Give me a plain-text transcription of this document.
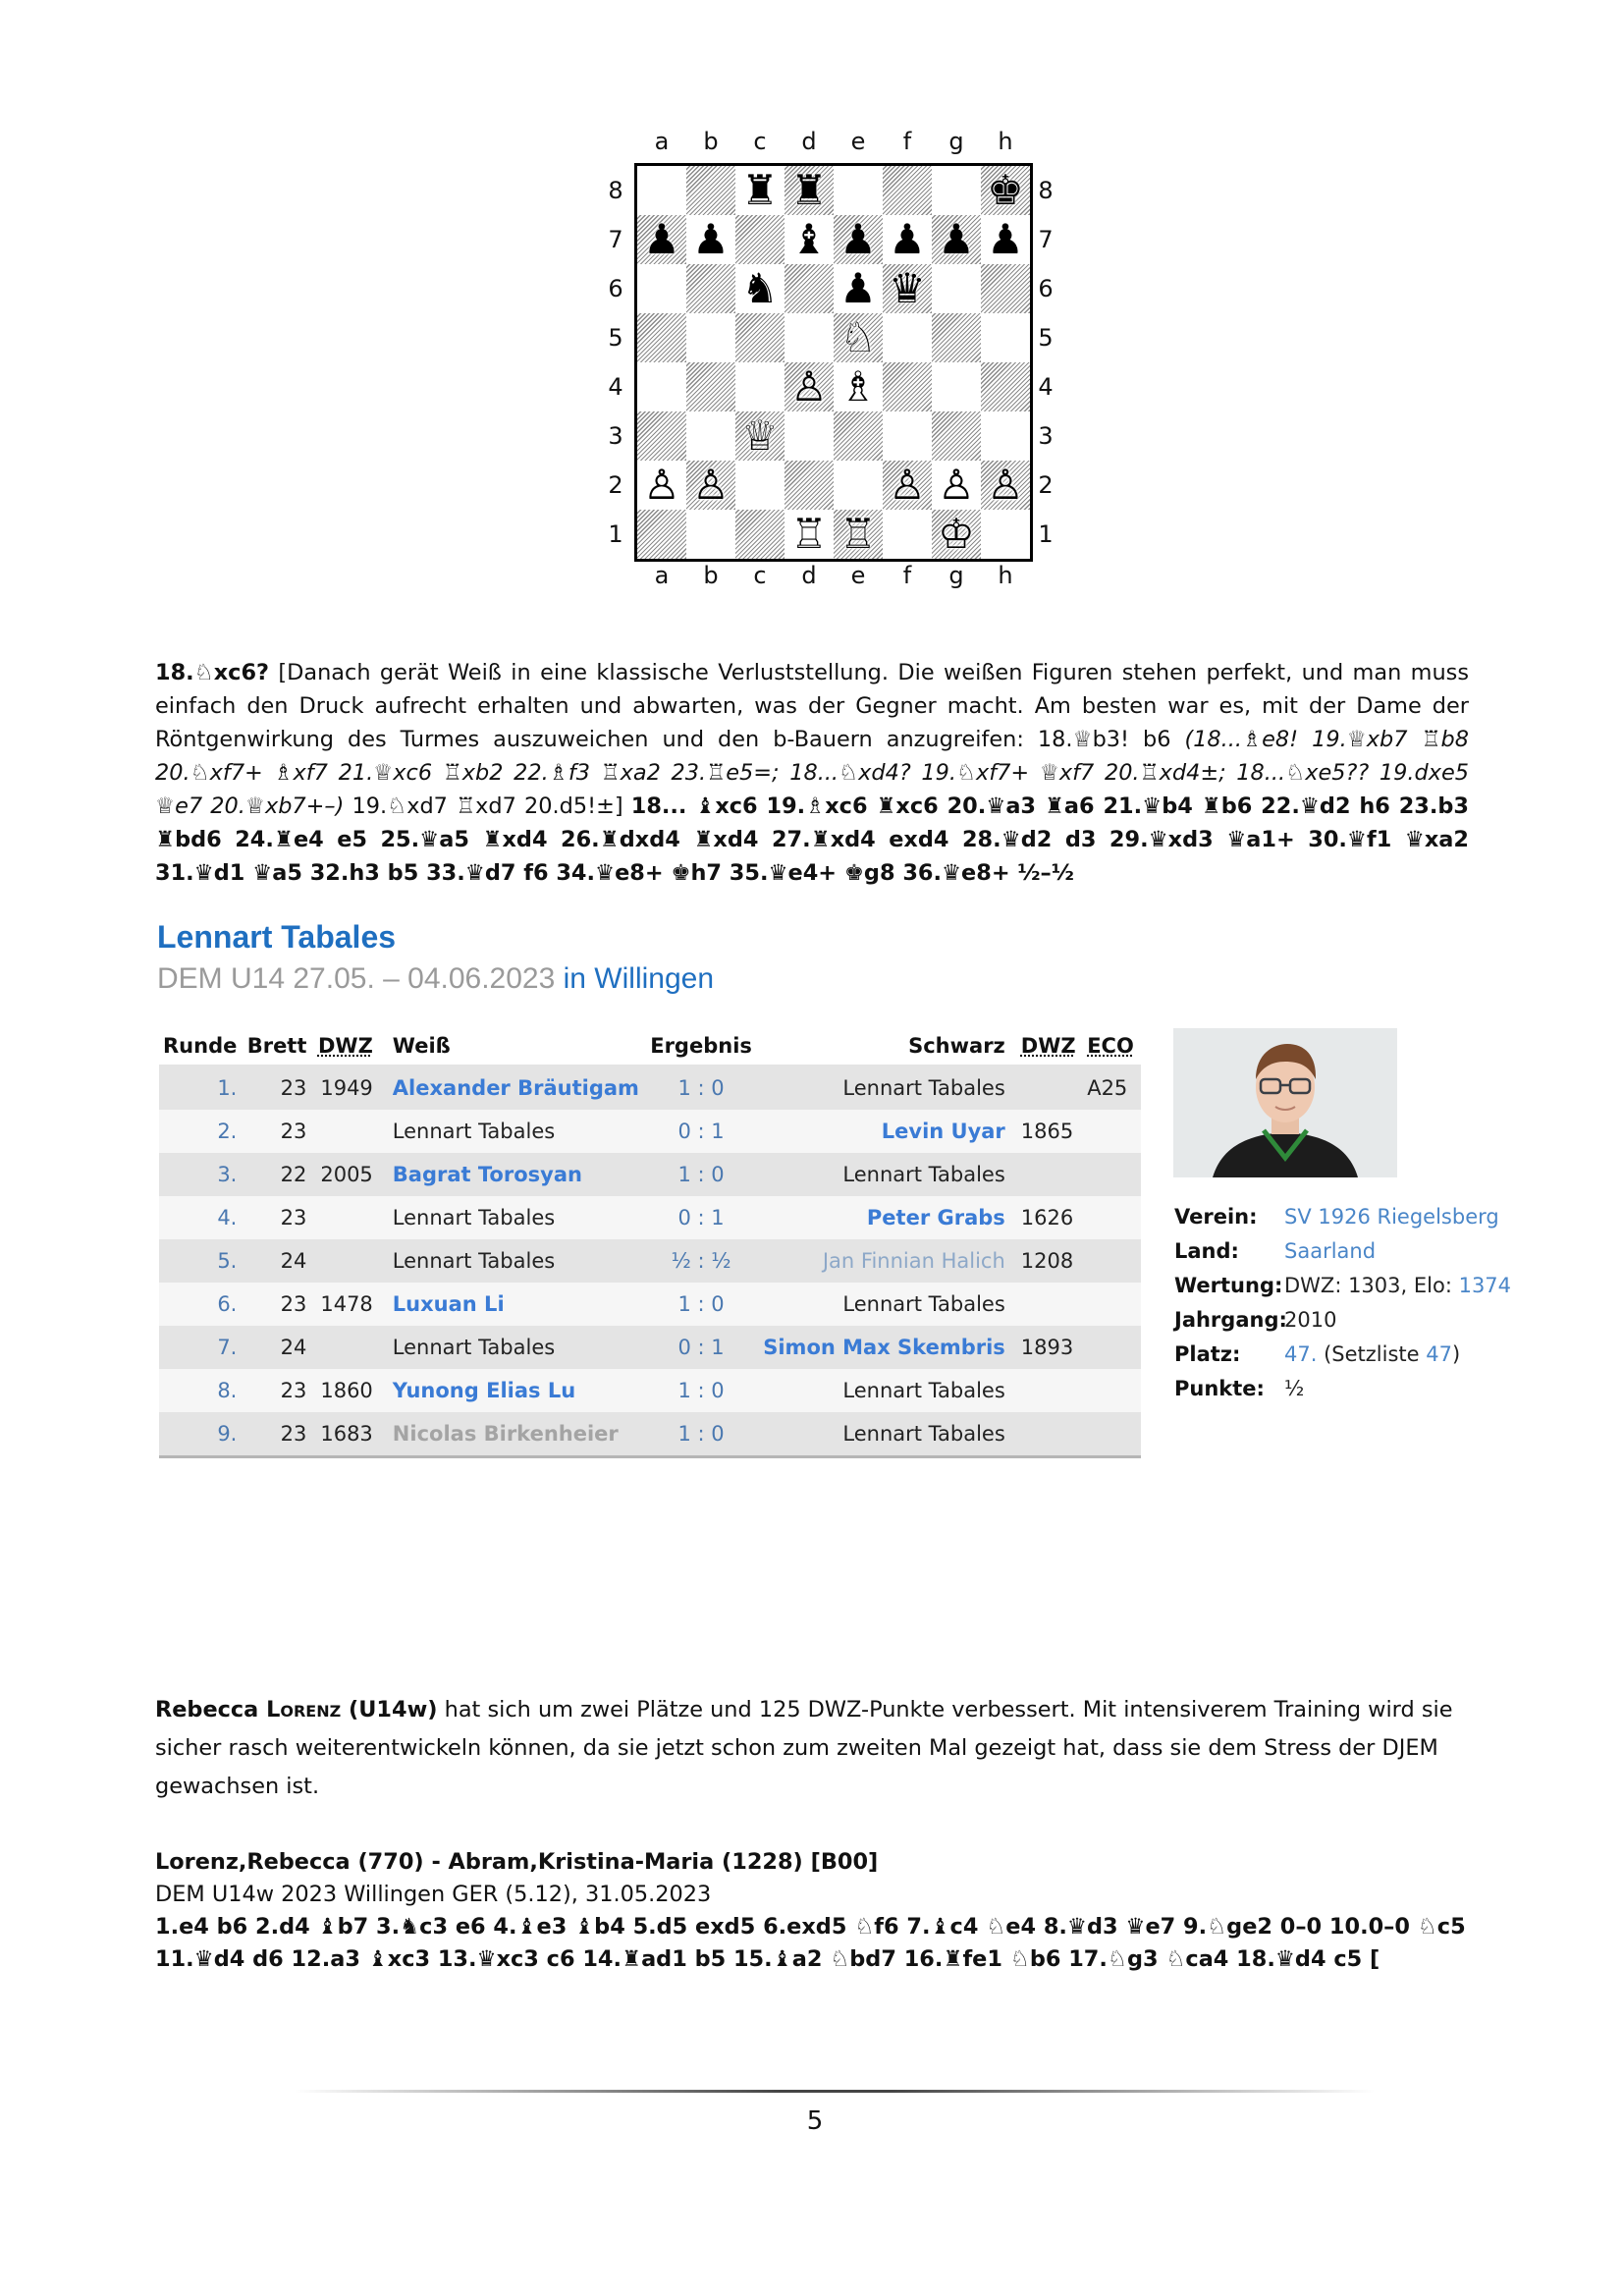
a	b	c	d	e	f	g	h
a	b	c	d	e	f	g	h
8
7
6
5
4
3
2
1
8
7
6
5
4
3
2
1
♜ ♜	♚
♟ ♟ ♝ ♟ ♟ ♟ ♟
♞ ♟ ♛
♘
♙ ♗
♕
♙ ♙	♙ ♙ ♙
♖ ♖ ♔
18.♘xc6? [Danach gerät Weiß in eine klassische Verluststellung. Die weißen Figuren stehen perfekt, und man muss einfach den Druck aufrecht erhalten und abwarten, was der Gegner macht. Am besten war es, mit der Dame der Röntgenwirkung des Turmes auszuweichen und den b-Bauern anzugreifen: 18.♕b3! b6 (18...♗e8! 19.♕xb7 ♖b8 20.♘xf7+ ♗xf7 21.♕xc6 ♖xb2 22.♗f3 ♖xa2 23.♖e5=; 18...♘xd4? 19.♘xf7+ ♕xf7 20.♖xd4±; 18...♘xe5?? 19.dxe5 ♕e7 20.♕xb7+–) 19.♘xd7 ♖xd7 20.d5!±] 18... ♝xc6 19.♗xc6 ♜xc6 20.♛a3 ♜a6 21.♛b4 ♜b6 22.♛d2 h6 23.b3 ♜bd6 24.♜e4 e5 25.♛a5 ♜xd4 26.♜dxd4 ♜xd4 27.♜xd4 exd4 28.♛d2 d3 29.♛xd3 ♛a1+ 30.♛f1 ♛xa2 31.♛d1 ♛a5 32.h3 b5 33.♛d7 f6 34.♛e8+ ♚h7 35.♛e4+ ♚g8 36.♛e8+ ½–½
Lennart Tabales
DEM U14 27.05. – 04.06.2023 in Willingen
Runde	Brett	DWZ	Weiß	Ergebnis	Schwarz	DWZ	ECO
1.	23	1949	Alexander Bräutigam	1 : 0	Lennart Tabales		A25
2.	23		Lennart Tabales	0 : 1	Levin Uyar	1865	
3.	22	2005	Bagrat Torosyan	1 : 0	Lennart Tabales		
4.	23		Lennart Tabales	0 : 1	Peter Grabs	1626	
5.	24		Lennart Tabales	½ : ½	Jan Finnian Halich	1208	
6.	23	1478	Luxuan Li	1 : 0	Lennart Tabales		
7.	24		Lennart Tabales	0 : 1	Simon Max Skembris	1893	
8.	23	1860	Yunong Elias Lu	1 : 0	Lennart Tabales		
9.	23	1683	Nicolas Birkenheier	1 : 0	Lennart Tabales		
Verein: SV 1926 Riegelsberg
Land: Saarland
Wertung:DWZ: 1303, Elo: 1374
Jahrgang:2010
Platz: 47. (Setzliste 47)
Punkte: ½
Rebecca Lorenz (U14w) hat sich um zwei Plätze und 125 DWZ-Punkte verbessert. Mit intensiverem Training wird sie sicher rasch weiterentwickeln können, da sie jetzt schon zum zweiten Mal gezeigt hat, dass sie dem Stress der DJEM gewachsen ist.
Lorenz,Rebecca (770) - Abram,Kristina-Maria (1228) [B00]
DEM U14w 2023 Willingen GER (5.12), 31.05.2023
1.e4 b6 2.d4 ♝b7 3.♞c3 e6 4.♝e3 ♝b4 5.d5 exd5 6.exd5 ♘f6 7.♝c4 ♘e4 8.♛d3 ♛e7 9.♘ge2 0–0 10.0–0 ♘c5 11.♛d4 d6 12.a3 ♝xc3 13.♛xc3 c6 14.♜ad1 b5 15.♝a2 ♘bd7 16.♜fe1 ♘b6 17.♘g3 ♘ca4 18.♛d4 c5 [
5
